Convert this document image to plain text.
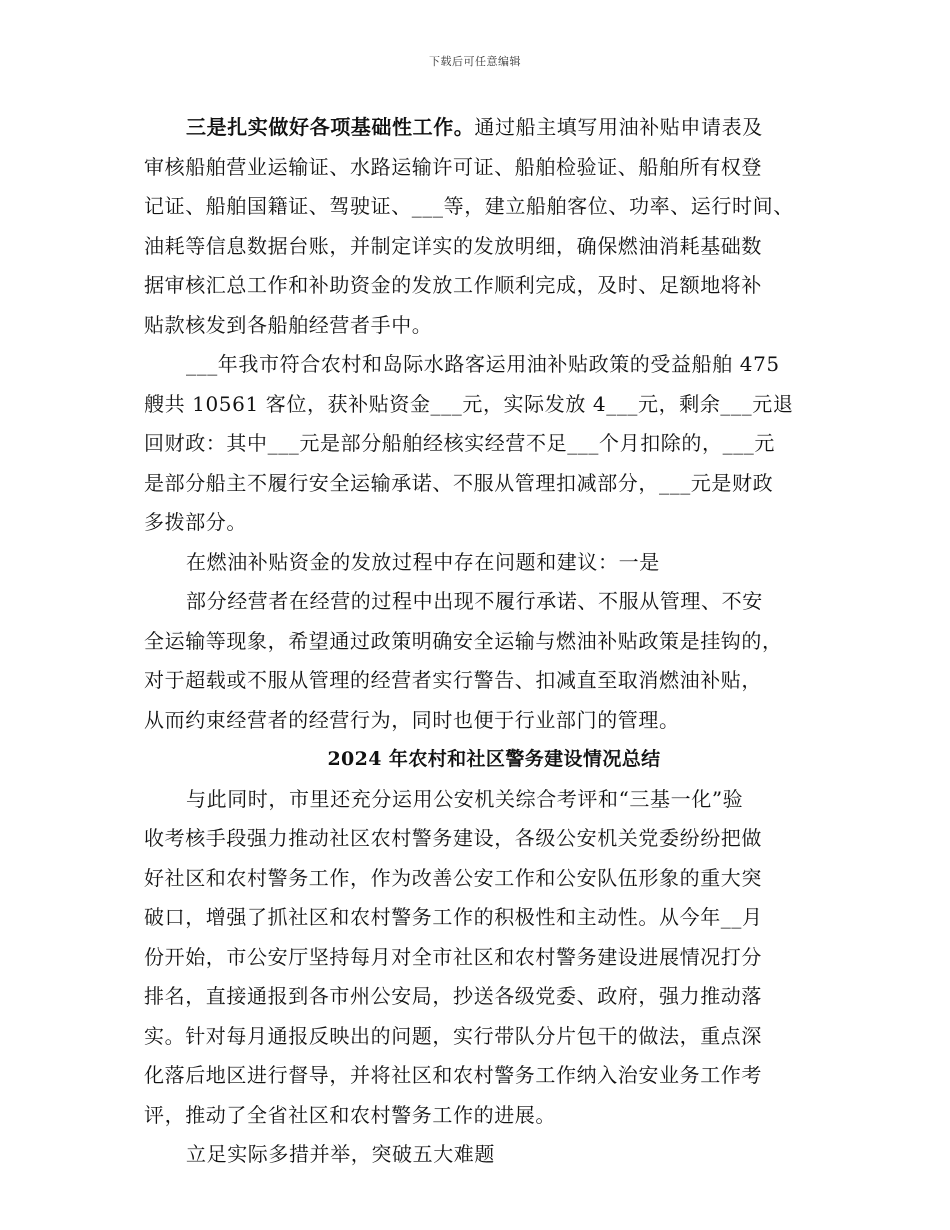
下载后可任意编辑
三是扎实做好各项基础性工作。通过船主填写用油补贴申请表及
审核船舶营业运输证、水路运输许可证、船舶检验证、船舶所有权登
记证、船舶国籍证、驾驶证、___等，建立船舶客位、功率、运行时间、
油耗等信息数据台账，并制定详实的发放明细，确保燃油消耗基础数
据审核汇总工作和补助资金的发放工作顺利完成，及时、足额地将补
贴款核发到各船舶经营者手中。
___年我市符合农村和岛际水路客运用油补贴政策的受益船舶 475
艘共 10561 客位，获补贴资金___元，实际发放 4___元，剩余___元退
回财政：其中___元是部分船舶经核实经营不足___个月扣除的，___元
是部分船主不履行安全运输承诺、不服从管理扣减部分，___元是财政
多拨部分。
在燃油补贴资金的发放过程中存在问题和建议：一是
部分经营者在经营的过程中出现不履行承诺、不服从管理、不安
全运输等现象，希望通过政策明确安全运输与燃油补贴政策是挂钩的，
对于超载或不服从管理的经营者实行警告、扣减直至取消燃油补贴，
从而约束经营者的经营行为，同时也便于行业部门的管理。
2024 年农村和社区警务建设情况总结
与此同时，市里还充分运用公安机关综合考评和“三基一化”验
收考核手段强力推动社区农村警务建设，各级公安机关党委纷纷把做
好社区和农村警务工作，作为改善公安工作和公安队伍形象的重大突
破口，增强了抓社区和农村警务工作的积极性和主动性。从今年__月
份开始，市公安厅坚持每月对全市社区和农村警务建设进展情况打分
排名，直接通报到各市州公安局，抄送各级党委、政府，强力推动落
实。针对每月通报反映出的问题，实行带队分片包干的做法，重点深
化落后地区进行督导，并将社区和农村警务工作纳入治安业务工作考
评，推动了全省社区和农村警务工作的进展。
立足实际多措并举，突破五大难题
